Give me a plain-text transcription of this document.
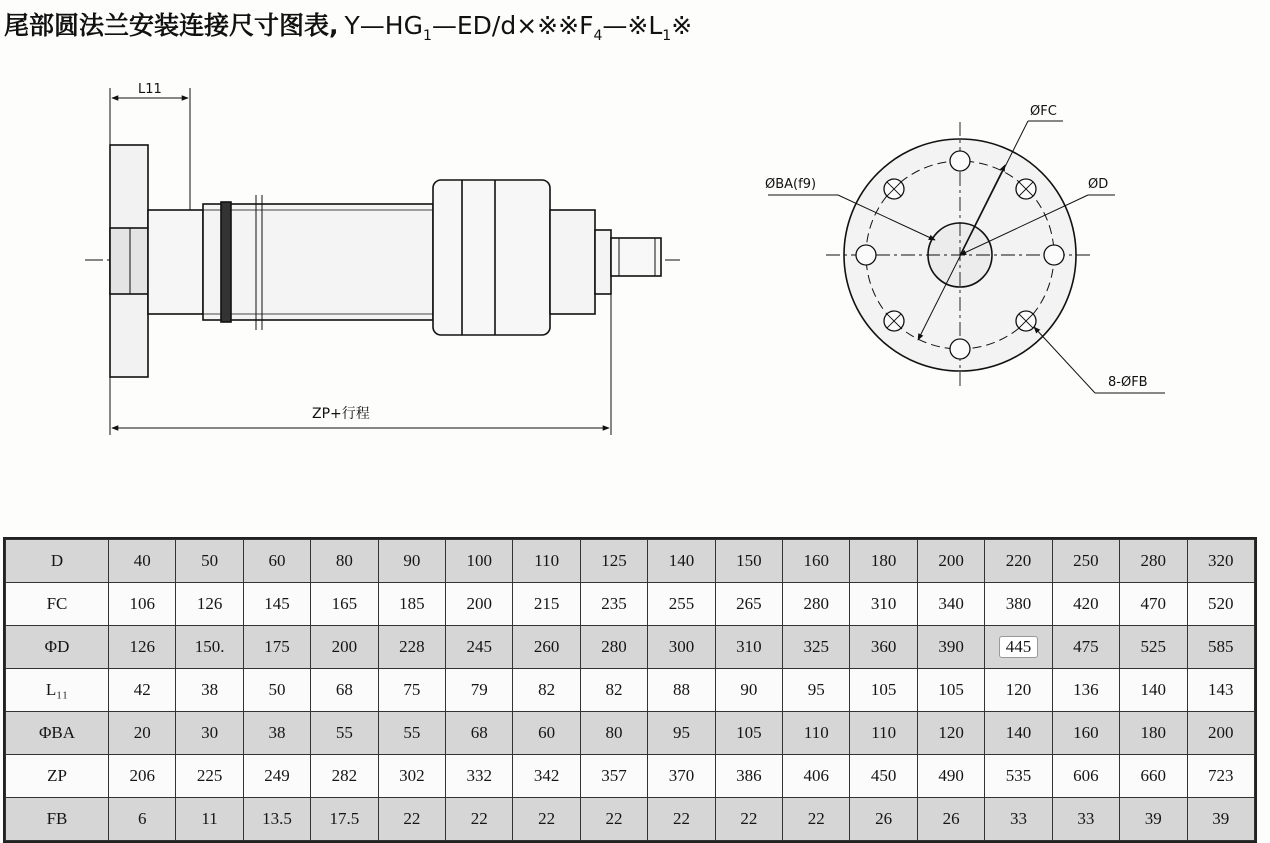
尾部圆法兰安装连接尺寸图表, $Y—HG_1—ED/d\times※※F_4—※L_1※$
L11
ZP+行程
ØFC
ØBA(f9)	ØD
8-ØFB
D	40	50	60	80	90	100	110	125	140	150	160	180	200	220	250	280	320
FC	106	126	145	165	185	200	215	235	255	265	280	310	340	380	420	470	520
ΦD	126	150.	175	200	228	245	260	280	300	310	325	360	390	445	475	525	585
L₁₁	42	38	50	68	75	79	82	82	88	90	95	105	105	120	136	140	143
ΦBA	20	30	38	55	55	68	60	80	95	105	110	110	120	140	160	180	200
ZP	206	225	249	282	302	332	342	357	370	386	406	450	490	535	606	660	723
FB	6	11	13.5	17.5	22	22	22	22	22	22	22	26	26	33	33	39	39
